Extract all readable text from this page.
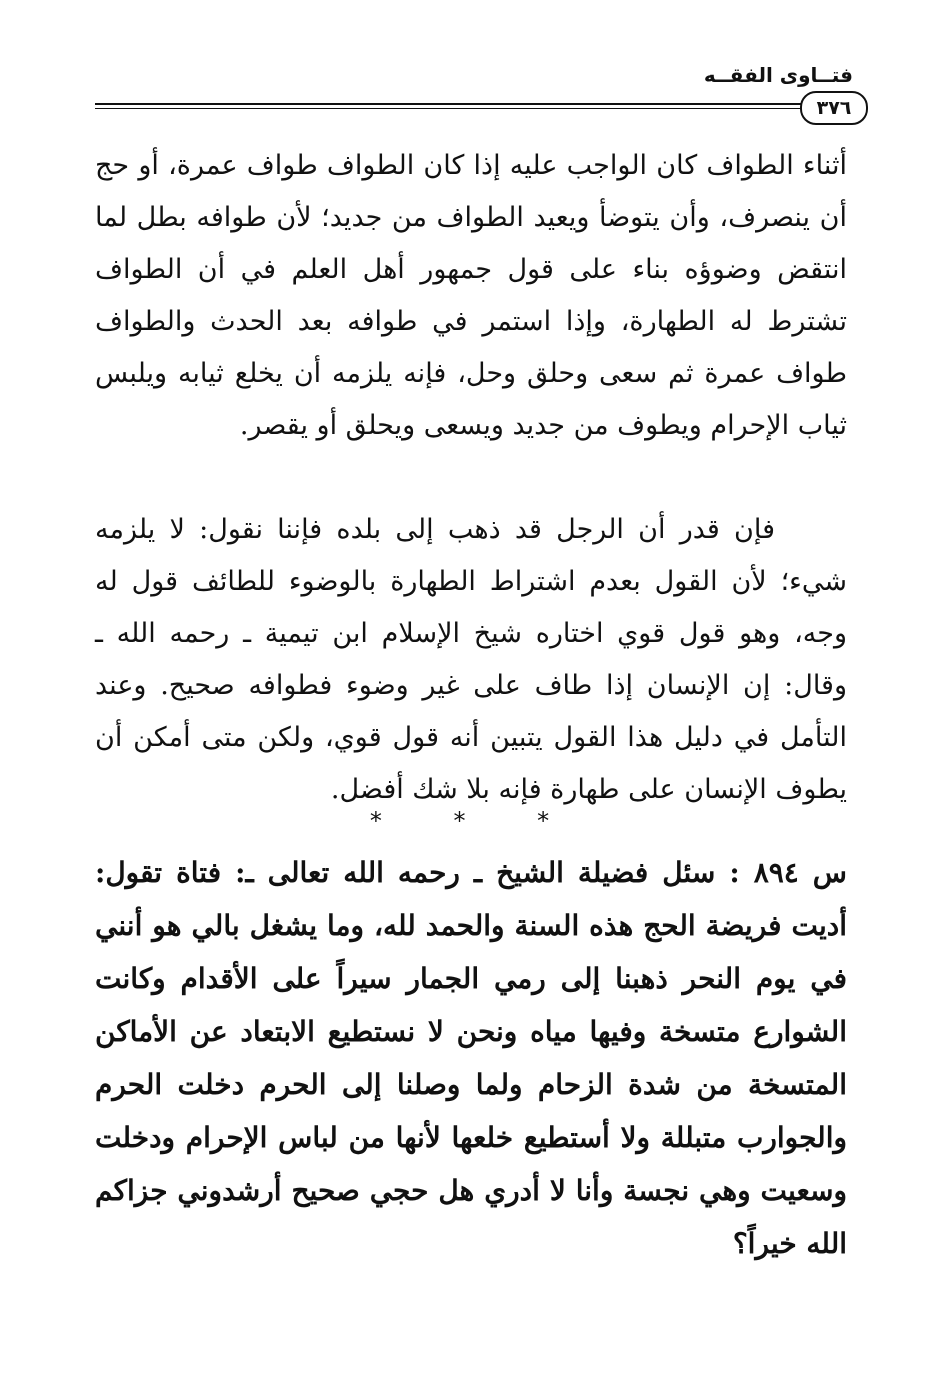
فتــاوى الفقــه
٣٧٦

أثناء الطواف كان الواجب عليه إذا كان الطواف طواف عمرة، أو حج أن ينصرف، وأن يتوضأ ويعيد الطواف من جديد؛ لأن طوافه بطل لما انتقض وضوؤه بناء على قول جمهور أهل العلم في أن الطواف تشترط له الطهارة، وإذا استمر في طوافه بعد الحدث والطواف طواف عمرة ثم سعى وحلق وحل، فإنه يلزمه أن يخلع ثيابه ويلبس ثياب الإحرام ويطوف من جديد ويسعى ويحلق أو يقصر.

فإن قدر أن الرجل قد ذهب إلى بلده فإننا نقول: لا يلزمه شيء؛ لأن القول بعدم اشتراط الطهارة بالوضوء للطائف قول له وجه، وهو قول قوي اختاره شيخ الإسلام ابن تيمية ـ رحمه الله ـ وقال: إن الإنسان إذا طاف على غير وضوء فطوافه صحيح. وعند التأمل في دليل هذا القول يتبين أنه قول قوي، ولكن متى أمكن أن يطوف الإنسان على طهارة فإنه بلا شك أفضل.

* * *

س ٨٩٤ : سئل فضيلة الشيخ ـ رحمه الله تعالى ـ: فتاة تقول: أديت فريضة الحج هذه السنة والحمد لله، وما يشغل بالي هو أنني في يوم النحر ذهبنا إلى رمي الجمار سيراً على الأقدام وكانت الشوارع متسخة وفيها مياه ونحن لا نستطيع الابتعاد عن الأماكن المتسخة من شدة الزحام ولما وصلنا إلى الحرم دخلت الحرم والجوارب متبللة ولا أستطيع خلعها لأنها من لباس الإحرام ودخلت وسعيت وهي نجسة وأنا لا أدري هل حجي صحيح أرشدوني جزاكم الله خيراً؟
